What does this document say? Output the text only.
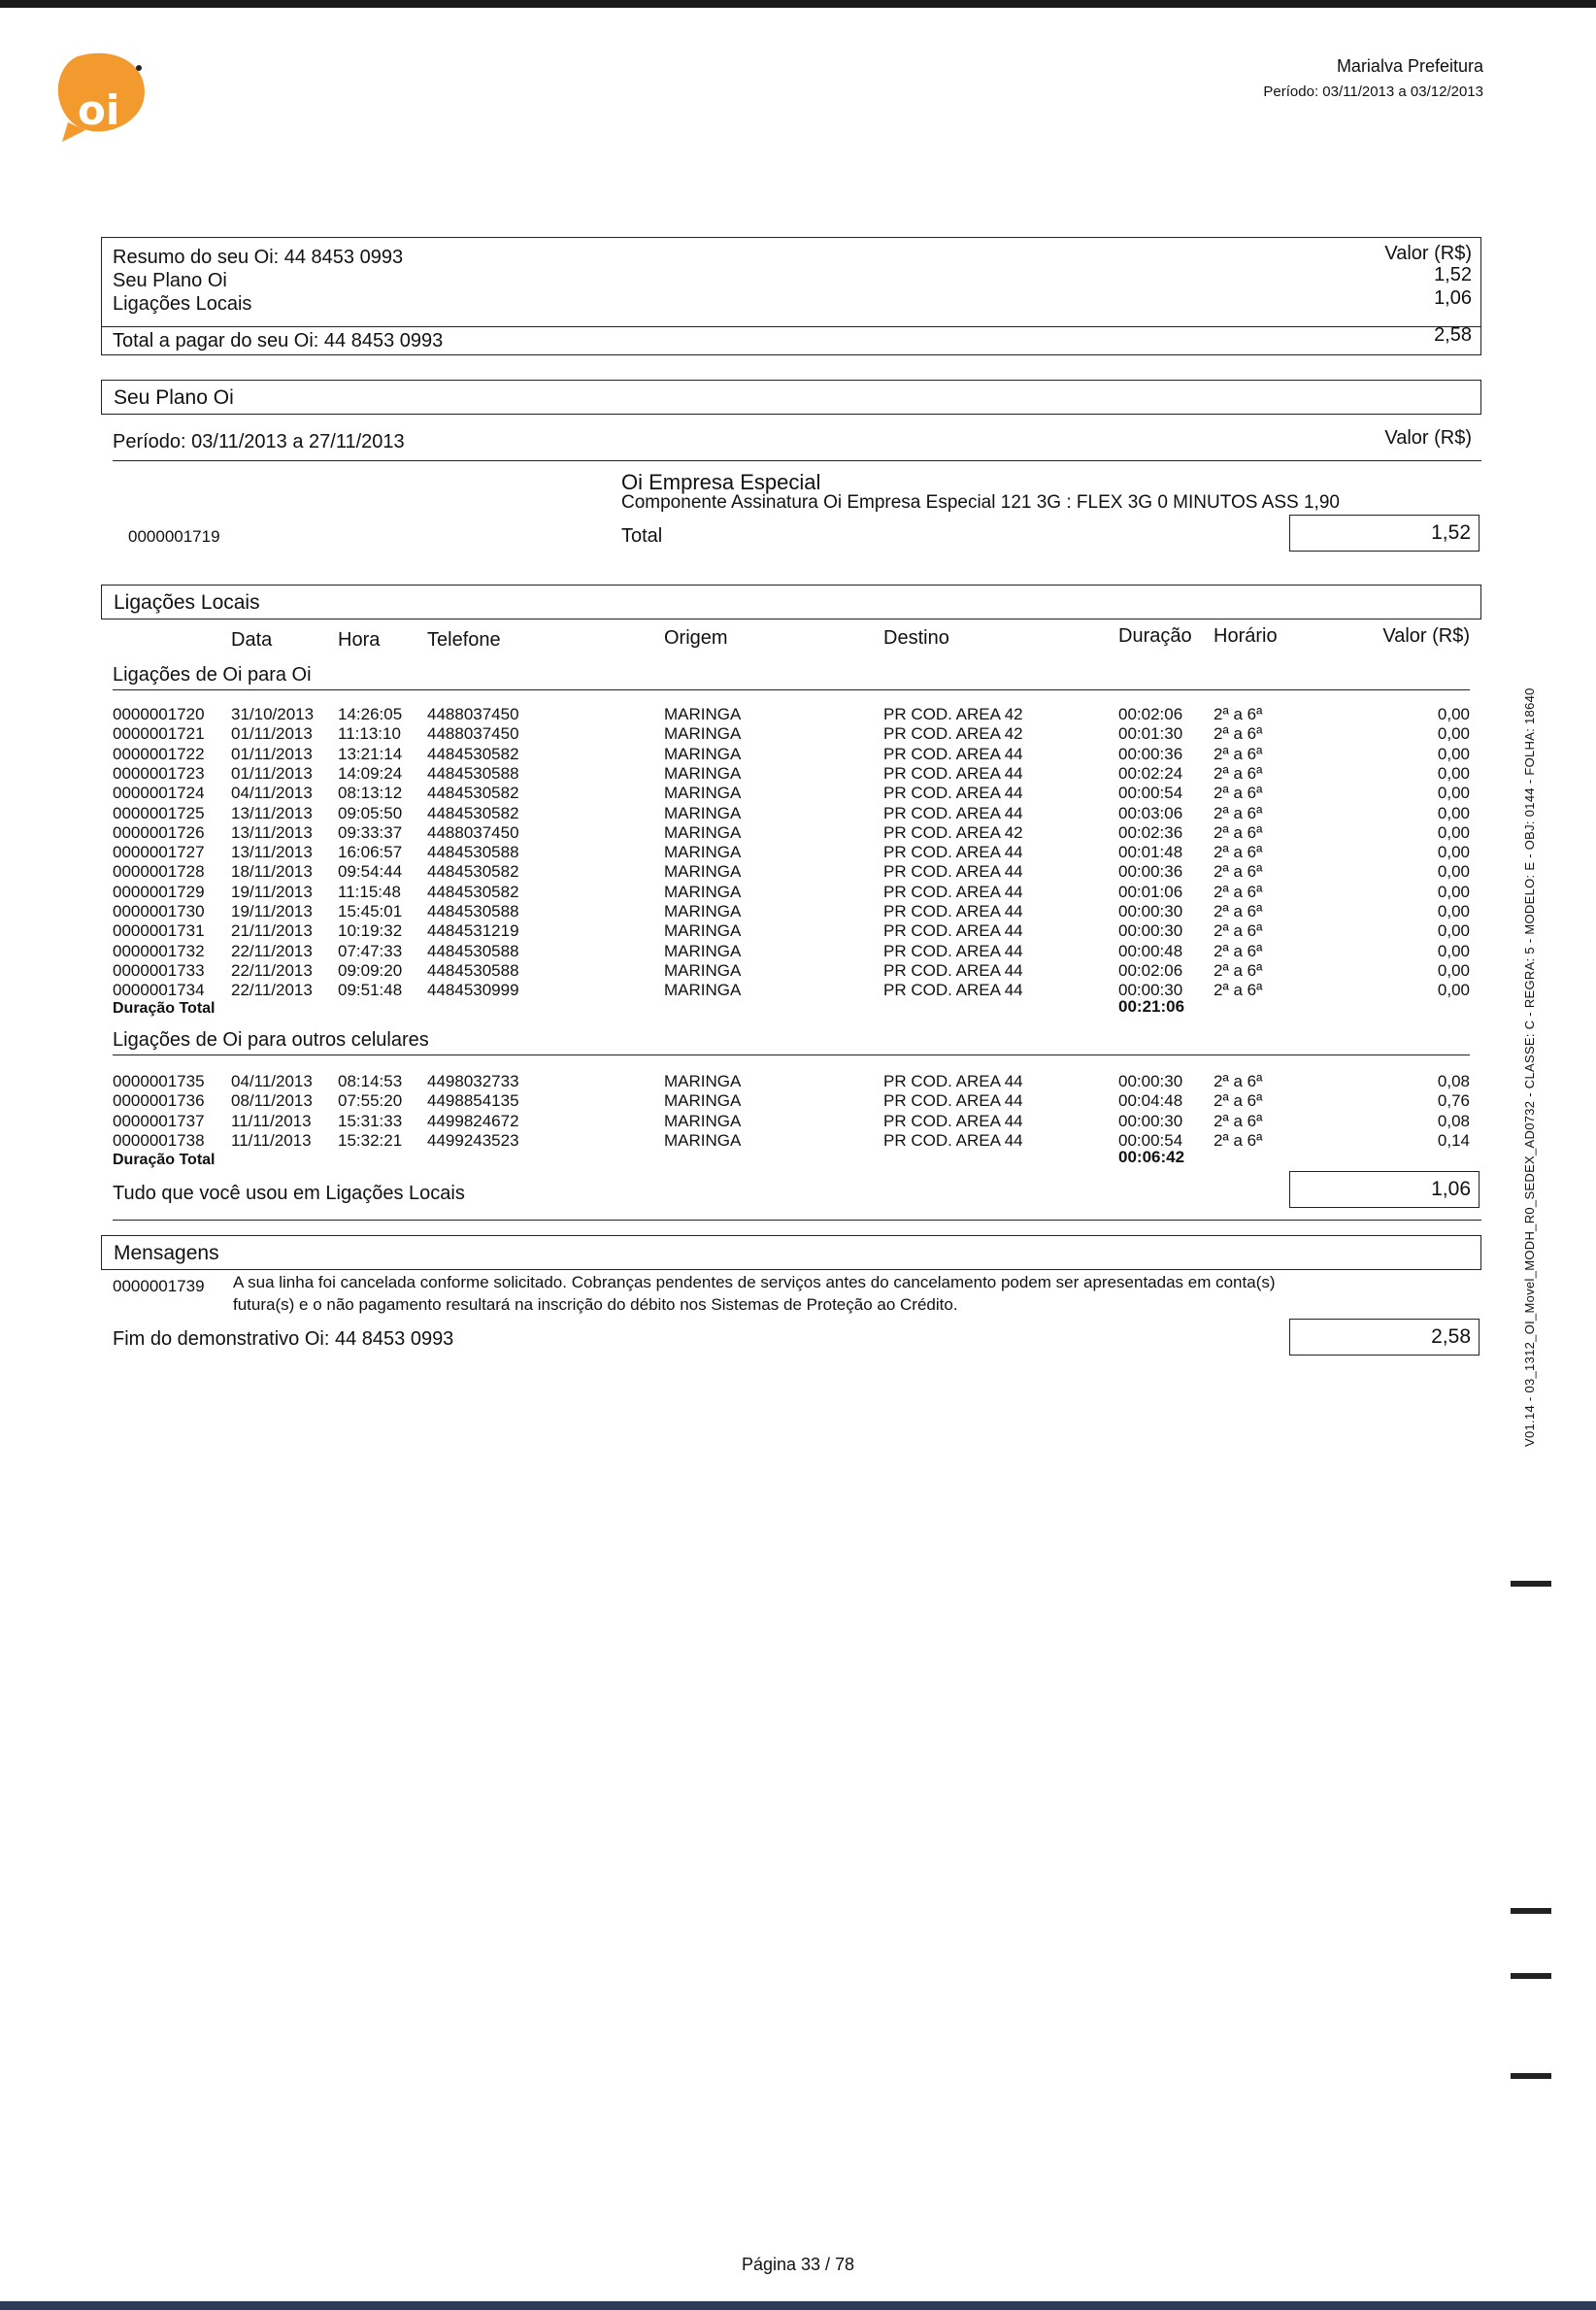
oi
Marialva Prefeitura
Período: 03/11/2013 a 03/12/2013
Resumo do seu Oi: 44 8453 0993	Valor (R$)
Seu Plano Oi	1,52
Ligações Locais	1,06
Total a pagar do seu Oi: 44 8453 0993	2,58
Seu Plano Oi
Período: 03/11/2013 a 27/11/2013	Valor (R$)
Oi Empresa Especial
Componente Assinatura Oi Empresa Especial 121 3G : FLEX 3G 0 MINUTOS ASS 1,90
0000001719	Total	1,52
Ligações Locais
Data	Hora Telefone	Origem	Destino	Duração Horário	Valor (R$)
Ligações de Oi para Oi
0000001720 31/10/2013 14:26:05 4488037450	MARINGA	PR COD. AREA 42	00:02:06 2ª a 6ª	0,00
0000001721 01/11/2013 11:13:10 4488037450	MARINGA	PR COD. AREA 42	00:01:30 2ª a 6ª	0,00
0000001722 01/11/2013 13:21:14 4484530582	MARINGA	PR COD. AREA 44	00:00:36 2ª a 6ª	0,00
0000001723 01/11/2013 14:09:24 4484530588	MARINGA	PR COD. AREA 44	00:02:24 2ª a 6ª	0,00
0000001724 04/11/2013 08:13:12 4484530582	MARINGA	PR COD. AREA 44	00:00:54 2ª a 6ª	0,00
0000001725 13/11/2013 09:05:50 4484530582	MARINGA	PR COD. AREA 44	00:03:06 2ª a 6ª	0,00
0000001726 13/11/2013 09:33:37 4488037450	MARINGA	PR COD. AREA 42	00:02:36 2ª a 6ª	0,00
0000001727 13/11/2013 16:06:57 4484530588	MARINGA	PR COD. AREA 44	00:01:48 2ª a 6ª	0,00
0000001728 18/11/2013 09:54:44 4484530582	MARINGA	PR COD. AREA 44	00:00:36 2ª a 6ª	0,00
0000001729 19/11/2013 11:15:48 4484530582	MARINGA	PR COD. AREA 44	00:01:06 2ª a 6ª	0,00
0000001730 19/11/2013 15:45:01 4484530588	MARINGA	PR COD. AREA 44	00:00:30 2ª a 6ª	0,00
0000001731 21/11/2013 10:19:32 4484531219	MARINGA	PR COD. AREA 44	00:00:30 2ª a 6ª	0,00
0000001732 22/11/2013 07:47:33 4484530588	MARINGA	PR COD. AREA 44	00:00:48 2ª a 6ª	0,00
0000001733 22/11/2013 09:09:20 4484530588	MARINGA	PR COD. AREA 44	00:02:06 2ª a 6ª	0,00
0000001734 22/11/2013 09:51:48 4484530999	MARINGA	PR COD. AREA 44	00:00:30 2ª a 6ª	0,00
Duração Total	00:21:06
Ligações de Oi para outros celulares
0000001735 04/11/2013 08:14:53 4498032733	MARINGA	PR COD. AREA 44	00:00:30 2ª a 6ª	0,08
0000001736 08/11/2013 07:55:20 4498854135	MARINGA	PR COD. AREA 44	00:04:48 2ª a 6ª	0,76
0000001737 11/11/2013 15:31:33 4499824672	MARINGA	PR COD. AREA 44	00:00:30 2ª a 6ª	0,08
0000001738 11/11/2013 15:32:21 4499243523	MARINGA	PR COD. AREA 44	00:00:54 2ª a 6ª	0,14
Duração Total	00:06:42
Tudo que você usou em Ligações Locais	1,06
Mensagens
0000001739 A sua linha foi cancelada conforme solicitado. Cobranças pendentes de serviços antes do cancelamento podem ser apresentadas em conta(s)
futura(s) e o não pagamento resultará na inscrição do débito nos Sistemas de Proteção ao Crédito.
Fim do demonstrativo Oi: 44 8453 0993	2,58	V01.14 - 03_1312_OI_Movel_MODH_R0_SEDEX_AD0732 - CLASSE: C - REGRA: 5 - MODELO: E - OBJ: 0144 - FOLHA: 18640
Página 33 / 78
